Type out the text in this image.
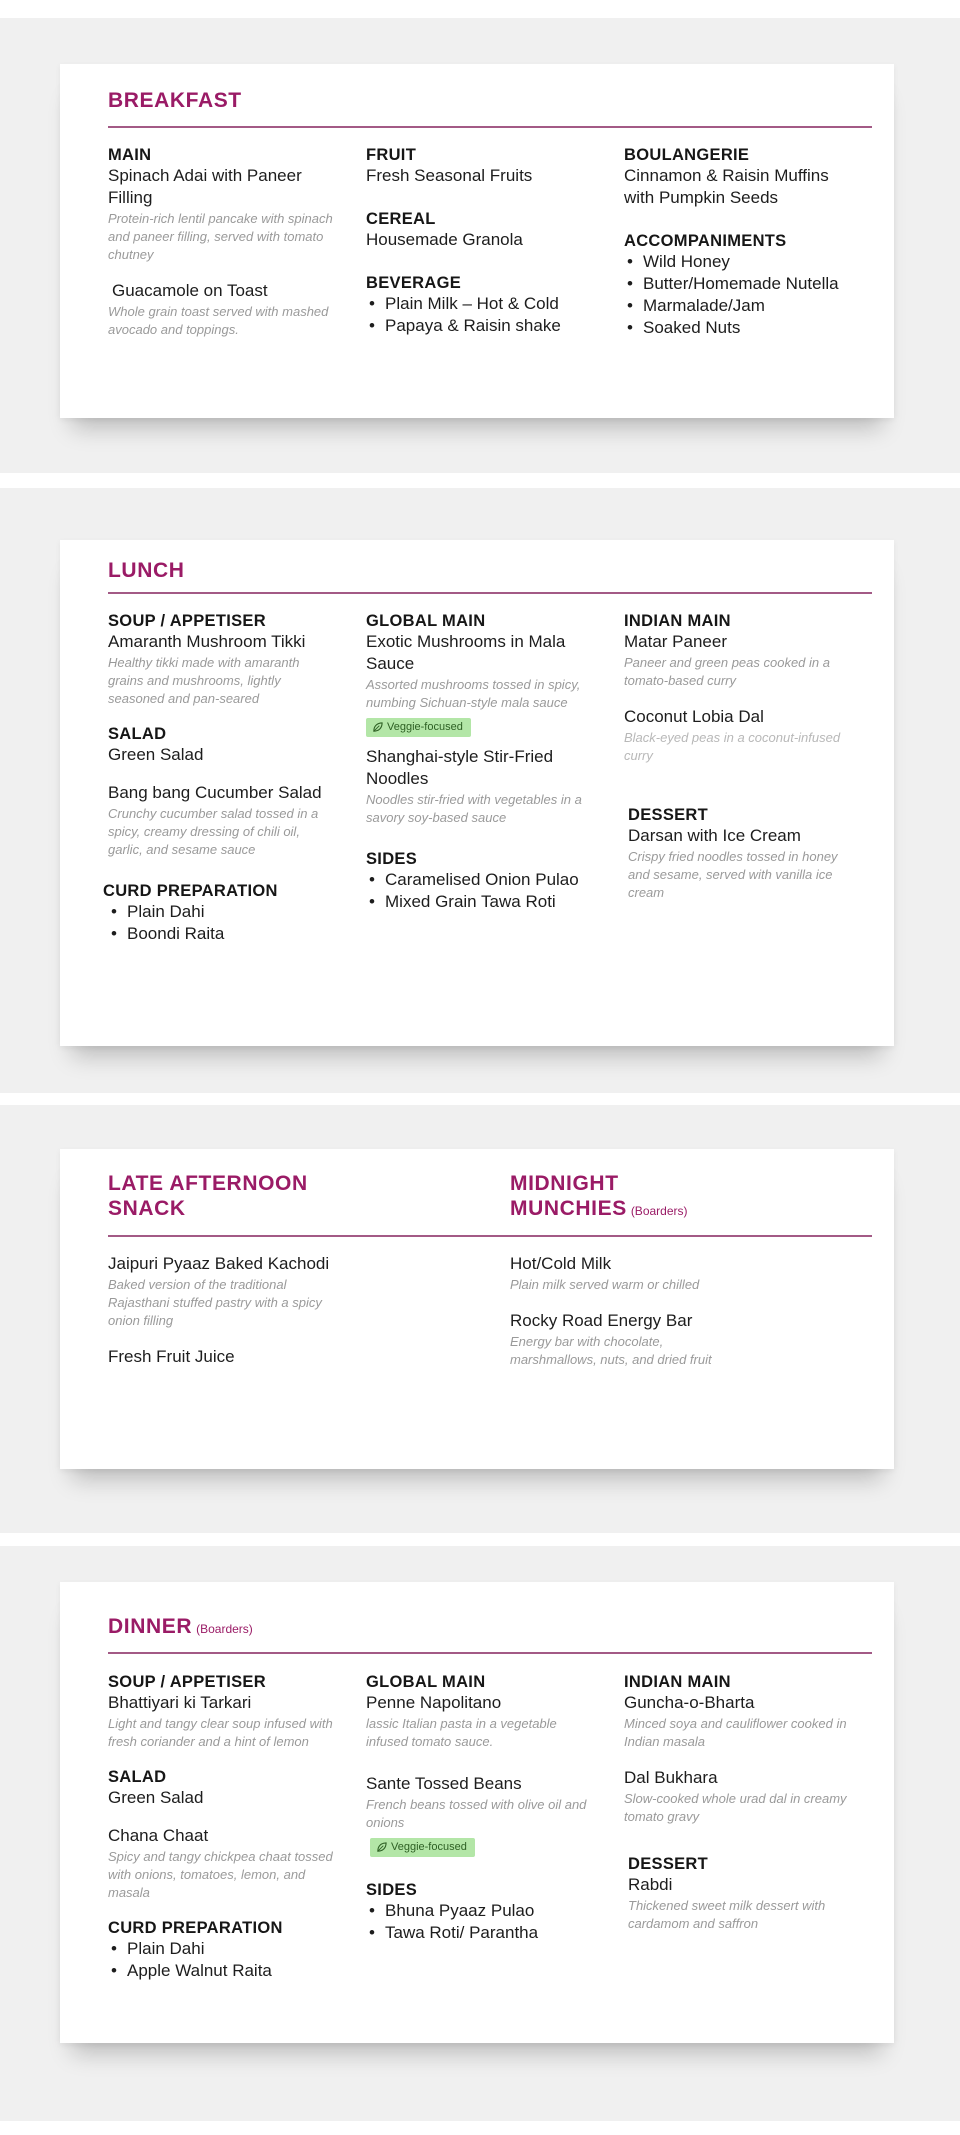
BREAKFAST
MAIN
Spinach Adai with Paneer Filling
Protein-rich lentil pancake with spinach and paneer filling, served with tomato chutney
Guacamole on Toast
Whole grain toast served with mashed avocado and toppings.
FRUIT
Fresh Seasonal Fruits
CEREAL
Housemade Granola
BEVERAGE
• Plain Milk – Hot & Cold
• Papaya & Raisin shake
BOULANGERIE
Cinnamon & Raisin Muffins with Pumpkin Seeds
ACCOMPANIMENTS
• Wild Honey
• Butter/Homemade Nutella
• Marmalade/Jam
• Soaked Nuts
LUNCH
SOUP / APPETISER
Amaranth Mushroom Tikki
Healthy tikki made with amaranth grains and mushrooms, lightly seasoned and pan-seared
SALAD
Green Salad
Bang bang Cucumber Salad
Crunchy cucumber salad tossed in a spicy, creamy dressing of chili oil, garlic, and sesame sauce
CURD PREPARATION
• Plain Dahi
• Boondi Raita
GLOBAL MAIN
Exotic Mushrooms in Mala Sauce
Assorted mushrooms tossed in spicy, numbing Sichuan-style mala sauce
Veggie-focused
Shanghai-style Stir-Fried Noodles
Noodles stir-fried with vegetables in a savory soy-based sauce
SIDES
• Caramelised Onion Pulao
• Mixed Grain Tawa Roti
INDIAN MAIN
Matar Paneer
Paneer and green peas cooked in a tomato-based curry
Coconut Lobia Dal
Black-eyed peas in a coconut-infused curry
DESSERT
Darsan with Ice Cream
Crispy fried noodles tossed in honey and sesame, served with vanilla ice cream
LATE AFTERNOON SNACK
MIDNIGHT MUNCHIES (Boarders)
Jaipuri Pyaaz Baked Kachodi
Baked version of the traditional Rajasthani stuffed pastry with a spicy onion filling
Fresh Fruit Juice
Hot/Cold Milk
Plain milk served warm or chilled
Rocky Road Energy Bar
Energy bar with chocolate, marshmallows, nuts, and dried fruit
DINNER (Boarders)
SOUP / APPETISER
Bhattiyari ki Tarkari
Light and tangy clear soup infused with fresh coriander and a hint of lemon
SALAD
Green Salad
Chana Chaat
Spicy and tangy chickpea chaat tossed with onions, tomatoes, lemon, and masala
CURD PREPARATION
• Plain Dahi
• Apple Walnut Raita
GLOBAL MAIN
Penne Napolitano
lassic Italian pasta in a vegetable infused tomato sauce.
Sante Tossed Beans
French beans tossed with olive oil and onions
Veggie-focused
SIDES
• Bhuna Pyaaz Pulao
• Tawa Roti/ Parantha
INDIAN MAIN
Guncha-o-Bharta
Minced soya and cauliflower cooked in Indian masala
Dal Bukhara
Slow-cooked whole urad dal in creamy tomato gravy
DESSERT
Rabdi
Thickened sweet milk dessert with cardamom and saffron
